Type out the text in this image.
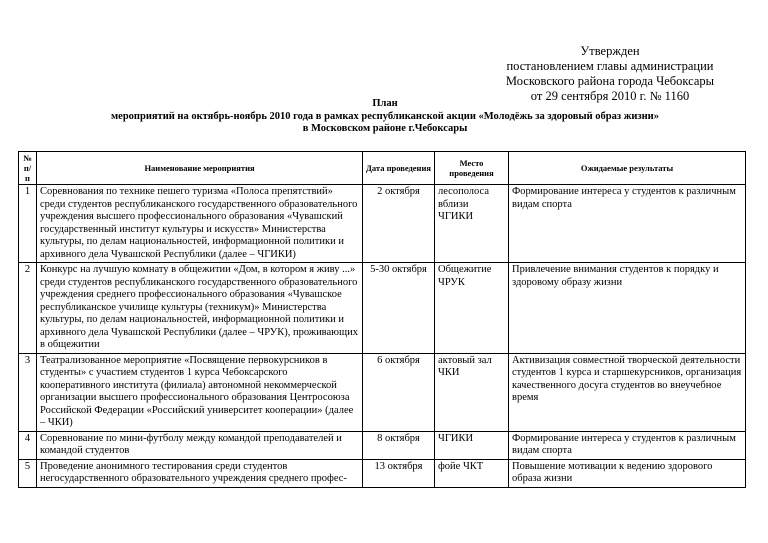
Утвержден
постановлением главы администрации
Московского района города Чебоксары
от 29 сентября 2010 г. № 1160
План
мероприятий на октябрь-ноябрь 2010 года в рамках республиканской акции «Молодёжь за здоровый образ жизни»
в Московском районе г.Чебоксары
№ п/п	Наименование мероприятия	Дата проведения	Место проведения	Ожидаемые результаты
1	Соревнования по технике пешего туризма «Полоса препятствий» среди студентов республиканского государственного образовательного учреждения высшего профессионального образования «Чувашский государственный институт культуры и искусств» Министерства культуры, по делам национальностей, информационной политики и архивного дела Чувашской Республики (далее – ЧГИКИ)	2 октября	лесополоса вблизи ЧГИКИ	Формирование интереса у студентов к различным видам спорта
2	Конкурс на лучшую комнату в общежитии «Дом, в котором я живу ...» среди студентов республиканского государственного образовательного учреждения среднего профессионального образования «Чувашское республиканское училище культуры (техникум)» Министерства культуры, по делам национальностей, информационной политики и архивного дела Чувашской Республики (далее – ЧРУК), проживающих в общежитии	5-30 октября	Общежитие ЧРУК	Привлечение внимания студентов к порядку и здоровому образу жизни
3	Театрализованное мероприятие «Посвящение первокурсников в студенты» с участием студентов 1 курса Чебоксарского кооперативного института (филиала) автономной некоммерческой организации высшего профессионального образования Центросоюза Российской Федерации «Российский университет кооперации» (далее – ЧКИ)	6 октября	актовый зал ЧКИ	Активизация совместной творческой деятельности студентов 1 курса и старшекурсников, организация качественного досуга студентов во внеучебное время
4	Соревнование по мини-футболу между командой преподавателей и командой студентов	8 октября	ЧГИКИ	Формирование интереса у студентов к различным видам спорта
5	Проведение анонимного тестирования среди студентов негосударственного образовательного учреждения среднего профес-	13 октября	фойе ЧКТ	Повышение мотивации к ведению здорового образа жизни
